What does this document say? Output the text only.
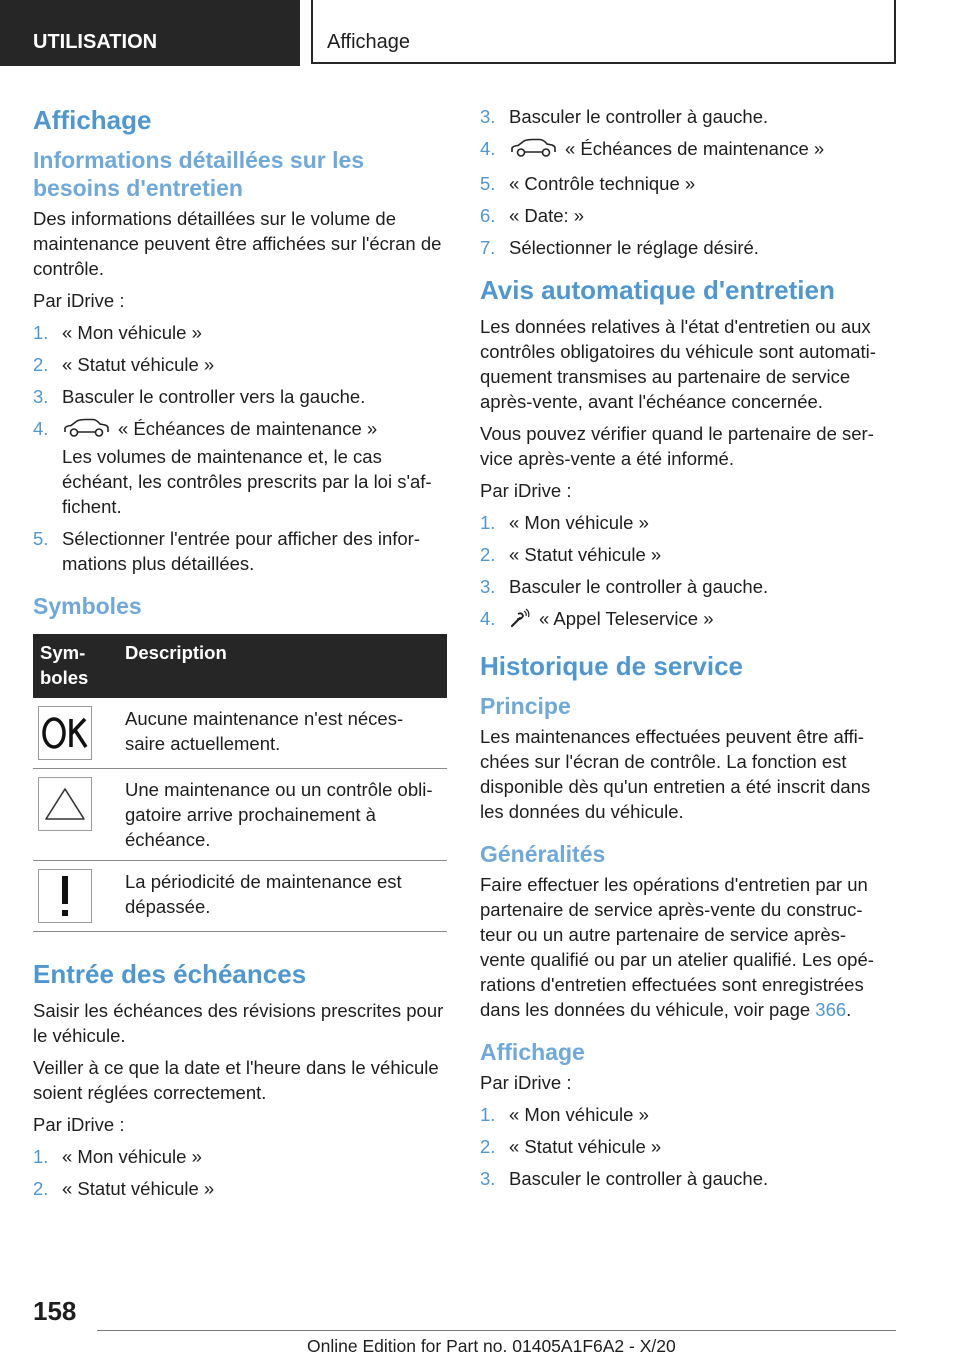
UTILISATION	Affichage
Affichage
Informations détaillées sur les besoins d'entretien

Des informations détaillées sur le volume de maintenance peuvent être affichées sur l'écran de contrôle.

Par iDrive :

1. « Mon véhicule »
2. « Statut véhicule »
3. Basculer le controller vers la gauche.
4.	« Échéances de maintenance »
Les volumes de maintenance et, le cas échéant, les contrôles prescrits par la loi s'af- fichent.
5. Sélectionner l'entrée pour afficher des infor- mations plus détaillées.
Symboles
Sym- boles	Description

	Aucune maintenance n'est néces- saire actuellement.

	Une maintenance ou un contrôle obli- gatoire arrive prochainement à échéance.

	La périodicité de maintenance est dépassée.
Entrée des échéances

Saisir les échéances des révisions prescrites pour le véhicule.

Veiller à ce que la date et l'heure dans le véhicule soient réglées correctement.

Par iDrive :

1. « Mon véhicule »
2. « Statut véhicule »
3. Basculer le controller à gauche.
4.	« Échéances de maintenance »
5. « Contrôle technique »
6. « Date: »
7. Sélectionner le réglage désiré.
Avis automatique d'entretien

Les données relatives à l'état d'entretien ou aux contrôles obligatoires du véhicule sont automati- quement transmises au partenaire de service après-vente, avant l'échéance concernée.

Vous pouvez vérifier quand le partenaire de ser- vice après-vente a été informé.

Par iDrive :

1. « Mon véhicule »
2. « Statut véhicule »
3. Basculer le controller à gauche.
4. « Appel Teleservice »
Historique de service
Principe

Les maintenances effectuées peuvent être affi- chées sur l'écran de contrôle. La fonction est disponible dès qu'un entretien a été inscrit dans les données du véhicule.

Généralités

Faire effectuer les opérations d'entretien par un partenaire de service après-vente du construc- teur ou un autre partenaire de service après- vente qualifié ou par un atelier qualifié. Les opé- rations d'entretien effectuées sont enregistrées dans les données du véhicule, voir page 366.

Affichage

Par iDrive :

1. « Mon véhicule »
2. « Statut véhicule »
3. Basculer le controller à gauche.
158
Online Edition for Part no. 01405A1F6A2 - X/20
